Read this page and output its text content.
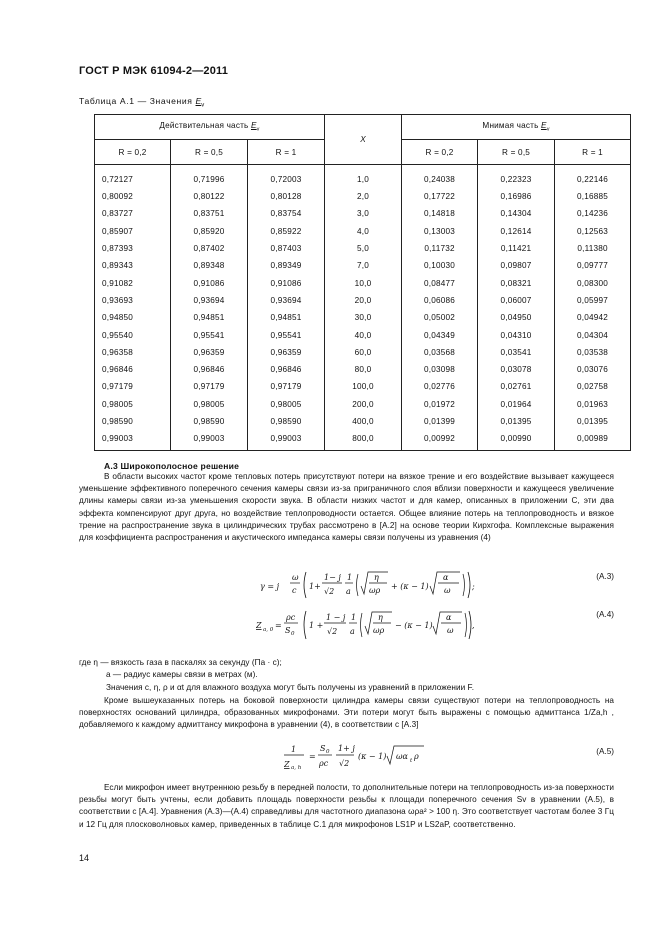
ГОСТ Р МЭК 61094-2—2011
Таблица А.1 — Значения $E_v$
Действительная часть $E_v$			X	Мнимая часть $E_v$
R = 0,2	R = 0,5	R = 1		R = 0,2	R = 0,5	R = 1
0,72127	0,71996	0,72003	1,0	0,24038	0,22323	0,22146
0,80092	0,80122	0,80128	2,0	0,17722	0,16986	0,16885
0,83727	0,83751	0,83754	3,0	0,14818	0,14304	0,14236
0,85907	0,85920	0,85922	4,0	0,13003	0,12614	0,12563
0,87393	0,87402	0,87403	5,0	0,11732	0,11421	0,11380
0,89343	0,89348	0,89349	7,0	0,10030	0,09807	0,09777
0,91082	0,91086	0,91086	10,0	0,08477	0,08321	0,08300
0,93693	0,93694	0,93694	20,0	0,06086	0,06007	0,05997
0,94850	0,94851	0,94851	30,0	0,05002	0,04950	0,04942
0,95540	0,95541	0,95541	40,0	0,04349	0,04310	0,04304
0,96358	0,96359	0,96359	60,0	0,03568	0,03541	0,03538
0,96846	0,96846	0,96846	80,0	0,03098	0,03078	0,03076
0,97179	0,97179	0,97179	100,0	0,02776	0,02761	0,02758
0,98005	0,98005	0,98005	200,0	0,01972	0,01964	0,01963
0,98590	0,98590	0,98590	400,0	0,01399	0,01395	0,01395
0,99003	0,99003	0,99003	800,0	0,00992	0,00990	0,00989
А.3 Широкополосное решение
В области высоких частот кроме тепловых потерь присутствуют потери на вязкое трение и его воздействие вызывает кажущееся уменьшение эффективного поперечного сечения камеры связи из-за приграничного слоя вблизи поверхности и кажущееся увеличение длины камеры связи из-за уменьшения скорости звука. В области низких частот и для камер, описанных в приложении С, эти два эффекта компенсируют друг друга, но воздействие теплопроводности остается. Общее влияние потерь на теплопроводность и вязкое трение на распространение звука в цилиндрических трубах рассмотрено в [А.2] на основе теории Кирхгофа. Комплексные выражения для коэффициента распространения и акустического импеданса камеры связи получены из уравнения (4)
γ = j
ω
c 1+
1− j
√2
1
a
η
ωρ + (κ − 1)
α
ω	;
(А.3)
Z a, 0 =
ρc
S 0
1 +
1 − j
√2
1
a
η
ωρ
− (κ − 1)
α
ω
,
(А.4)
где η — вязкость газа в паскалях за секунду (Па · с);
a — радиус камеры связи в метрах (м).
Значения c, η, ρ и αt для влажного воздуха могут быть получены из уравнений в приложении F.
Кроме вышеуказанных потерь на боковой поверхности цилиндра камеры связи существуют потери на теплопроводность на поверхностях оснований цилиндра, образованных микрофонами. Эти потери могут быть выражены с помощью адмиттанса 1/Za,h , добавляемого к каждому адмиттансу микрофона в уравнении (4), в соответствии с [А.3]
1
Z a, h
=
S 0
ρc
1+ j
√2
(κ − 1) ωα t ρ
(А.5)
Если микрофон имеет внутреннюю резьбу в передней полости, то дополнительные потери на теплопроводность из-за поверхности резьбы могут быть учтены, если добавить площадь поверхности резьбы к площади поперечного сечения Sv в уравнении (А.5), в соответствии с [А.4]. Уравнения (А.3)—(А.4) справедливы для частотного диапазона ωρa² > 100 η. Это соответствует частотам более 3 Гц и 12 Гц для плосковолновых камер, приведенных в таблице С.1 для микрофонов LS1P и LS2aP, соответственно.
14
